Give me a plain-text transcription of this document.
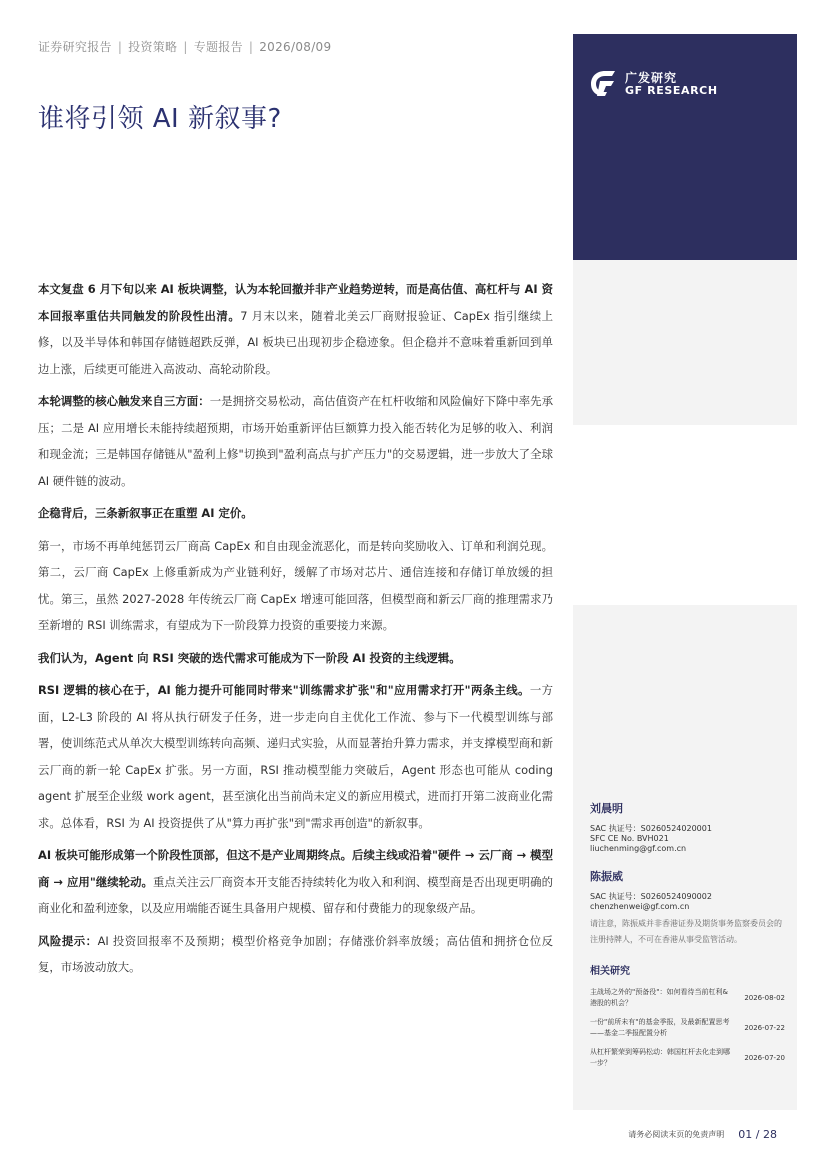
证券研究报告 | 投资策略 | 专题报告 | 2026/08/09
谁将引领 AI 新叙事?
广发研究
GF RESEARCH

本文复盘 6 月下旬以来 AI 板块调整，认为本轮回撤并非产业趋势逆转，而是高估值、高杠杆与 AI 资本回报率重估共同触发的阶段性出清。7 月末以来，随着北美云厂商财报验证、CapEx 指引继续上修，以及半导体和韩国存储链超跌反弹，AI 板块已出现初步企稳迹象。但企稳并不意味着重新回到单边上涨，后续更可能进入高波动、高轮动阶段。

本轮调整的核心触发来自三方面：一是拥挤交易松动，高估值资产在杠杆收缩和风险偏好下降中率先承压；二是 AI 应用增长未能持续超预期，市场开始重新评估巨额算力投入能否转化为足够的收入、利润和现金流；三是韩国存储链从"盈利上修"切换到"盈利高点与扩产压力"的交易逻辑，进一步放大了全球 AI 硬件链的波动。

企稳背后，三条新叙事正在重塑 AI 定价。

第一，市场不再单纯惩罚云厂商高 CapEx 和自由现金流恶化，而是转向奖励收入、订单和利润兑现。第二，云厂商 CapEx 上修重新成为产业链利好，缓解了市场对芯片、通信连接和存储订单放缓的担忧。第三，虽然 2027-2028 年传统云厂商 CapEx 增速可能回落，但模型商和新云厂商的推理需求乃至新增的 RSI 训练需求，有望成为下一阶段算力投资的重要接力来源。

我们认为，Agent 向 RSI 突破的迭代需求可能成为下一阶段 AI 投资的主线逻辑。

RSI 逻辑的核心在于，AI 能力提升可能同时带来"训练需求扩张"和"应用需求打开"两条主线。一方面，L2-L3 阶段的 AI 将从执行研发子任务，进一步走向自主优化工作流、参与下一代模型训练与部署，使训练范式从单次大模型训练转向高频、递归式实验，从而显著抬升算力需求，并支撑模型商和新云厂商的新一轮 CapEx 扩张。另一方面，RSI 推动模型能力突破后，Agent 形态也可能从 coding agent 扩展至企业级 work agent，甚至演化出当前尚未定义的新应用模式，进而打开第二波商业化需求。总体看，RSI 为 AI 投资提供了从"算力再扩张"到"需求再创造"的新叙事。

AI 板块可能形成第一个阶段性顶部，但这不是产业周期终点。后续主线或沿着"硬件 → 云厂商 → 模型商 → 应用"继续轮动。重点关注云厂商资本开支能否持续转化为收入和利润、模型商是否出现更明确的商业化和盈利迹象，以及应用端能否诞生具备用户规模、留存和付费能力的现象级产品。

风险提示：AI 投资回报率不及预期；模型价格竞争加剧；存储涨价斜率放缓；高估值和拥挤仓位反复，市场波动放大。

刘晨明
SAC 执证号：S0260524020001
SFC CE No. BVH021
liuchenming@gf.com.cn
陈振威
SAC 执证号：S0260524090002
chenzhenwei@gf.com.cn
请注意，陈振威并非香港证券及期货事务监察委员会的注册持牌人，不可在香港从事受监管活动。
相关研究
主战场之外的"预备役"：如何看待当前杠利&港股的机会？
2026-08-02
一份"前所未有"的基金季报，及最新配置思考——基金二季报配置分析
2026-07-22
从杠杆繁荣到筹码松动：韩国杠杆去化走到哪一步？
2026-07-20
请务必阅读末页的免责声明 01 / 28
